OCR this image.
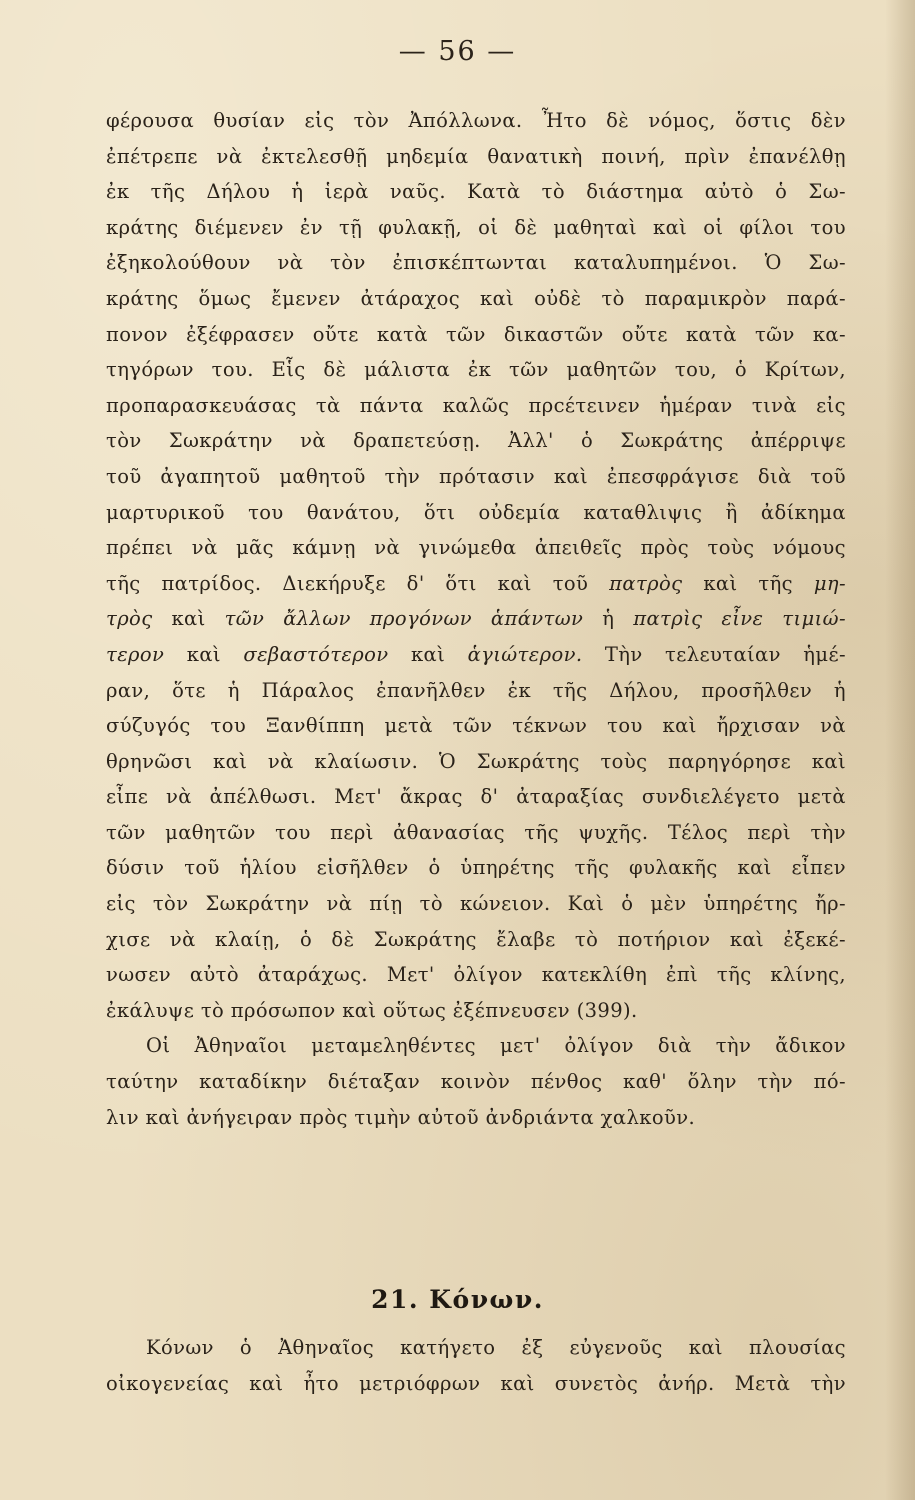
— 56 —
φέρουσα θυσίαν εἰς τὸν Ἀπόλλωνα. Ἦτο δὲ νόμος, ὅστις δὲν
ἐπέτρεπε νὰ ἐκτελεσθῇ μηδεμία θανατικὴ ποινή, πρὶν ἐπανέλθῃ
ἐκ τῆς Δήλου ἡ ἱερὰ ναῦς. Κατὰ τὸ διάστημα αὐτὸ ὁ Σω-
κράτης διέμενεν ἐν τῇ φυλακῇ, οἱ δὲ μαθηταὶ καὶ οἱ φίλοι του
ἐξηκολούθουν νὰ τὸν ἐπισκέπτωνται καταλυπημένοι. Ὁ Σω-
κράτης ὅμως ἔμενεν ἀτάραχος καὶ οὐδὲ τὸ παραμικρὸν παρά-
πονον ἐξέφρασεν οὔτε κατὰ τῶν δικαστῶν οὔτε κατὰ τῶν κα-
τηγόρων του. Εἷς δὲ μάλιστα ἐκ τῶν μαθητῶν του, ὁ Κρίτων,
προπαρασκευάσας τὰ πάντα καλῶς πρcέτεινεν ἡμέραν τινὰ εἰς
τὸν Σωκράτην νὰ δραπετεύσῃ. Ἀλλ' ὁ Σωκράτης ἀπέρριψε
τοῦ ἀγαπητοῦ μαθητοῦ τὴν πρότασιν καὶ ἐπεσφράγισε διὰ τοῦ
μαρτυρικοῦ του θανάτου, ὅτι οὐδεμία καταθλιψις ἢ ἀδίκημα
πρέπει νὰ μᾶς κάμνῃ νὰ γινώμεθα ἀπειθεῖς πρὸς τοὺς νόμους
τῆς πατρίδος. Διεκήρυξε δ' ὅτι καὶ τοῦ πατρὸς καὶ τῆς μη-
τρὸς καὶ τῶν ἄλλων προγόνων ἁπάντων ἡ πατρὶς εἶνε τιμιώ-
τερον καὶ σεβαστότερον καὶ ἁγιώτερον. Τὴν τελευταίαν ἡμέ-
ραν, ὅτε ἡ Πάραλος ἐπανῆλθεν ἐκ τῆς Δήλου, προσῆλθεν ἡ
σύζυγός του Ξανθίππη μετὰ τῶν τέκνων του καὶ ἤρχισαν νὰ
θρηνῶσι καὶ νὰ κλαίωσιν. Ὁ Σωκράτης τοὺς παρηγόρησε καὶ
εἶπε νὰ ἀπέλθωσι. Μετ' ἄκρας δ' ἀταραξίας συνδιελέγετο μετὰ
τῶν μαθητῶν του περὶ ἀθανασίας τῆς ψυχῆς. Τέλος περὶ τὴν
δύσιν τοῦ ἡλίου εἰσῆλθεν ὁ ὑπηρέτης τῆς φυλακῆς καὶ εἶπεν
εἰς τὸν Σωκράτην νὰ πίῃ τὸ κώνειον. Καὶ ὁ μὲν ὑπηρέτης ἤρ-
χισε νὰ κλαίῃ, ὁ δὲ Σωκράτης ἔλαβε τὸ ποτήριον καὶ ἐξεκέ-
νωσεν αὐτὸ ἀταράχως. Μετ' ὀλίγον κατεκλίθη ἐπὶ τῆς κλίνης,
ἐκάλυψε τὸ πρόσωπον καὶ οὕτως ἐξέπνευσεν (399).
Οἱ Ἀθηναῖοι μεταμεληθέντες μετ' ὀλίγον διὰ τὴν ἄδικον
ταύτην καταδίκην διέταξαν κοινὸν πένθος καθ' ὅλην τὴν πό-
λιν καὶ ἀνήγειραν πρὸς τιμὴν αὐτοῦ ἀνδριάντα χαλκοῦν.
21. Κόνων.
Κόνων ὁ Ἀθηναῖος κατήγετο ἐξ εὐγενοῦς καὶ πλουσίας
οἰκογενείας καὶ ἦτο μετριόφρων καὶ συνετὸς ἀνήρ. Μετὰ τὴν
